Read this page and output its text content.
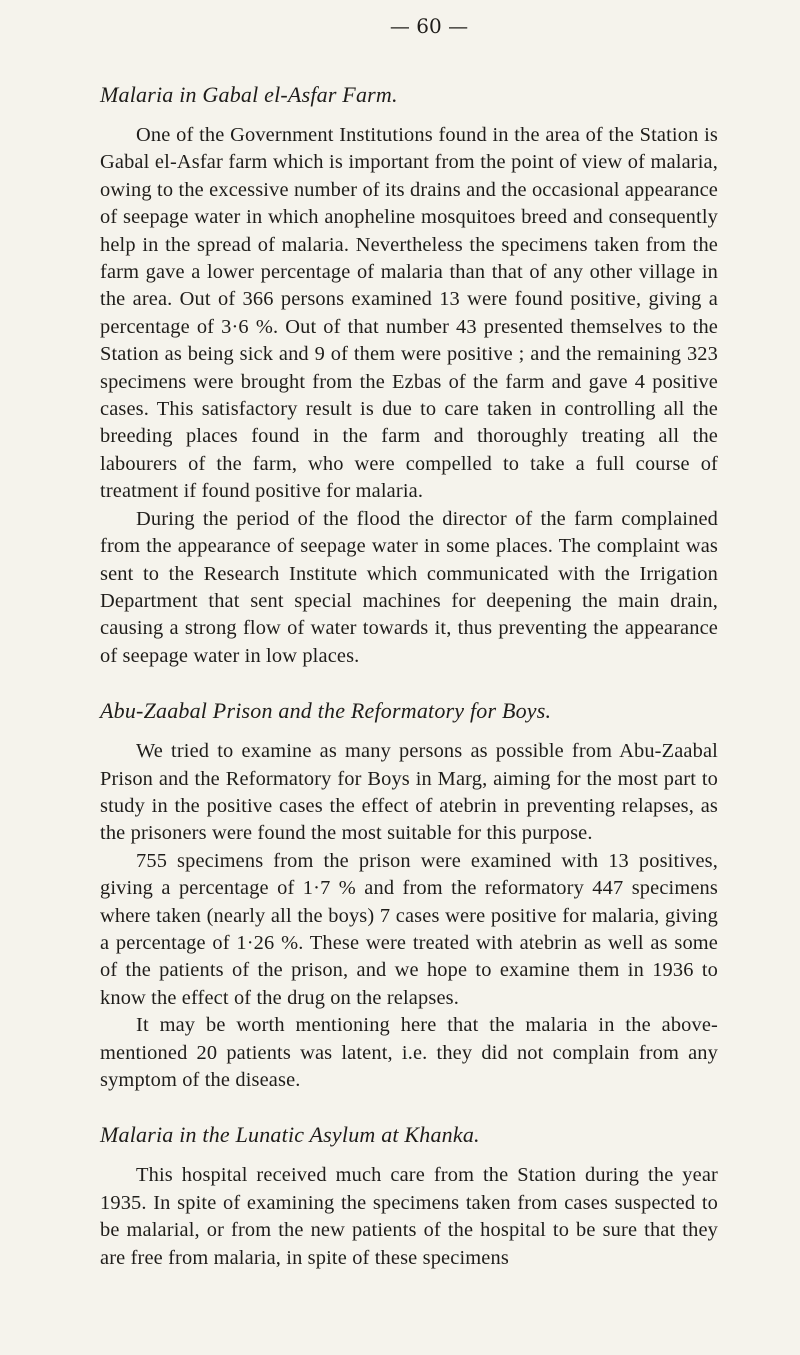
— 60 —
Malaria in Gabal el-Asfar Farm.

One of the Government Institutions found in the area of the Station is Gabal el-Asfar farm which is important from the point of view of malaria, owing to the excessive number of its drains and the occasional appearance of seepage water in which anopheline mosquitoes breed and consequently help in the spread of malaria. Nevertheless the specimens taken from the farm gave a lower percentage of malaria than that of any other village in the area. Out of 366 persons examined 13 were found positive, giving a percentage of 3·6 %. Out of that number 43 presented themselves to the Station as being sick and 9 of them were positive ; and the remaining 323 specimens were brought from the Ezbas of the farm and gave 4 positive cases. This satisfactory result is due to care taken in controlling all the breeding places found in the farm and thoroughly treating all the labourers of the farm, who were compelled to take a full course of treatment if found positive for malaria.

During the period of the flood the director of the farm complained from the appearance of seepage water in some places. The complaint was sent to the Research Institute which communicated with the Irrigation Department that sent special machines for deepening the main drain, causing a strong flow of water towards it, thus preventing the appearance of seepage water in low places.

Abu-Zaabal Prison and the Reformatory for Boys.

We tried to examine as many persons as possible from Abu-Zaabal Prison and the Reformatory for Boys in Marg, aiming for the most part to study in the positive cases the effect of atebrin in preventing relapses, as the prisoners were found the most suitable for this purpose.

755 specimens from the prison were examined with 13 positives, giving a percentage of 1·7 % and from the reformatory 447 specimens where taken (nearly all the boys) 7 cases were positive for malaria, giving a percentage of 1·26 %. These were treated with atebrin as well as some of the patients of the prison, and we hope to examine them in 1936 to know the effect of the drug on the relapses.

It may be worth mentioning here that the malaria in the above-mentioned 20 patients was latent, i.e. they did not complain from any symptom of the disease.

Malaria in the Lunatic Asylum at Khanka.

This hospital received much care from the Station during the year 1935. In spite of examining the specimens taken from cases suspected to be malarial, or from the new patients of the hospital to be sure that they are free from malaria, in spite of these specimens
